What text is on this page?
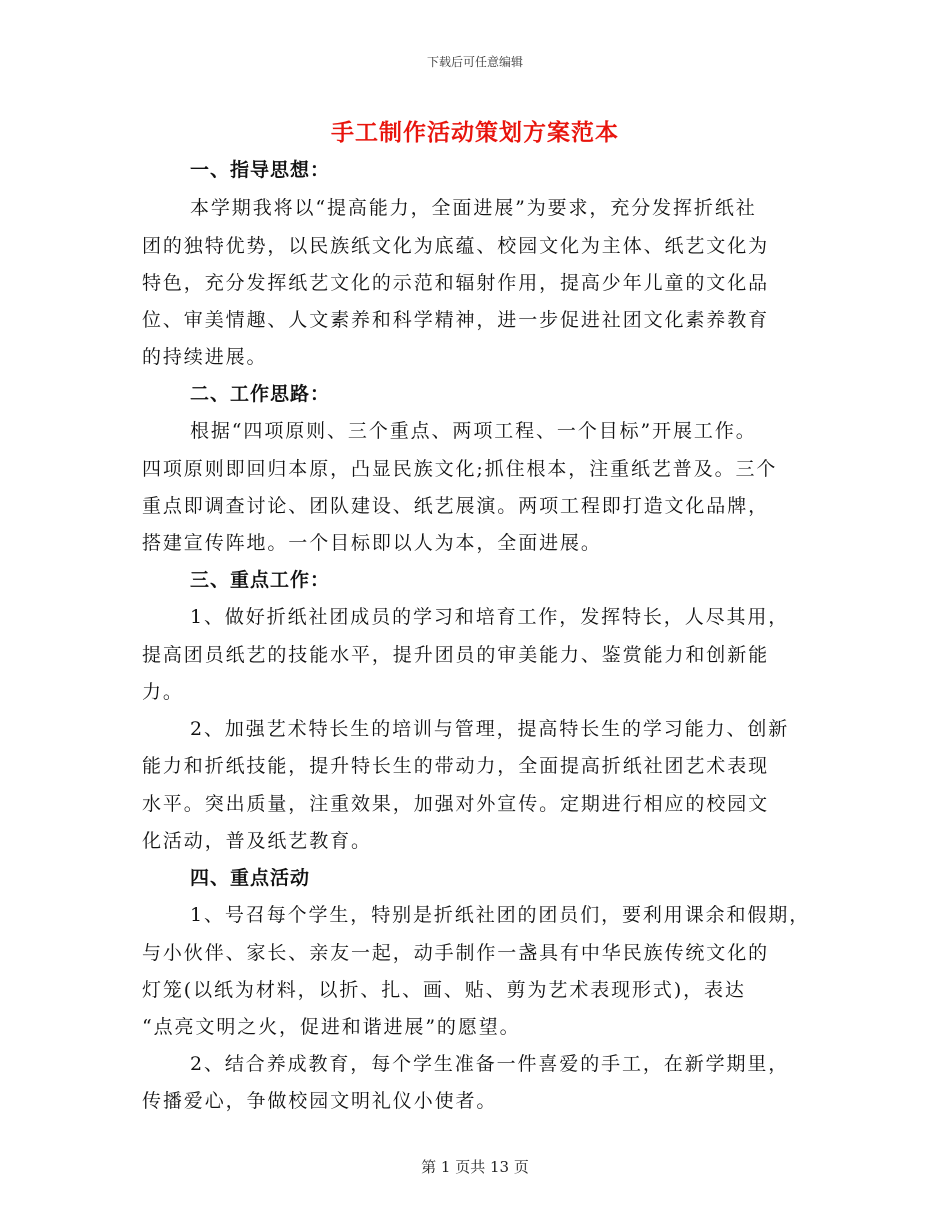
下载后可任意编辑
手工制作活动策划方案范本
一、指导思想：
本学期我将以“提高能力，全面进展”为要求，充分发挥折纸社
团的独特优势，以民族纸文化为底蕴、校园文化为主体、纸艺文化为
特色，充分发挥纸艺文化的示范和辐射作用，提高少年儿童的文化品
位、审美情趣、人文素养和科学精神，进一步促进社团文化素养教育
的持续进展。
二、工作思路：
根据“四项原则、三个重点、两项工程、一个目标”开展工作。
四项原则即回归本原，凸显民族文化;抓住根本，注重纸艺普及。三个
重点即调查讨论、团队建设、纸艺展演。两项工程即打造文化品牌，
搭建宣传阵地。一个目标即以人为本，全面进展。
三、重点工作：
1、做好折纸社团成员的学习和培育工作，发挥特长，人尽其用，
提高团员纸艺的技能水平，提升团员的审美能力、鉴赏能力和创新能
力。
2、加强艺术特长生的培训与管理，提高特长生的学习能力、创新
能力和折纸技能，提升特长生的带动力，全面提高折纸社团艺术表现
水平。突出质量，注重效果，加强对外宣传。定期进行相应的校园文
化活动，普及纸艺教育。
四、重点活动
1、号召每个学生，特别是折纸社团的团员们，要利用课余和假期，
与小伙伴、家长、亲友一起，动手制作一盏具有中华民族传统文化的
灯笼(以纸为材料，以折、扎、画、贴、剪为艺术表现形式)，表达
“点亮文明之火，促进和谐进展”的愿望。
2、结合养成教育，每个学生准备一件喜爱的手工，在新学期里，
传播爱心，争做校园文明礼仪小使者。
第 1 页共 13 页
